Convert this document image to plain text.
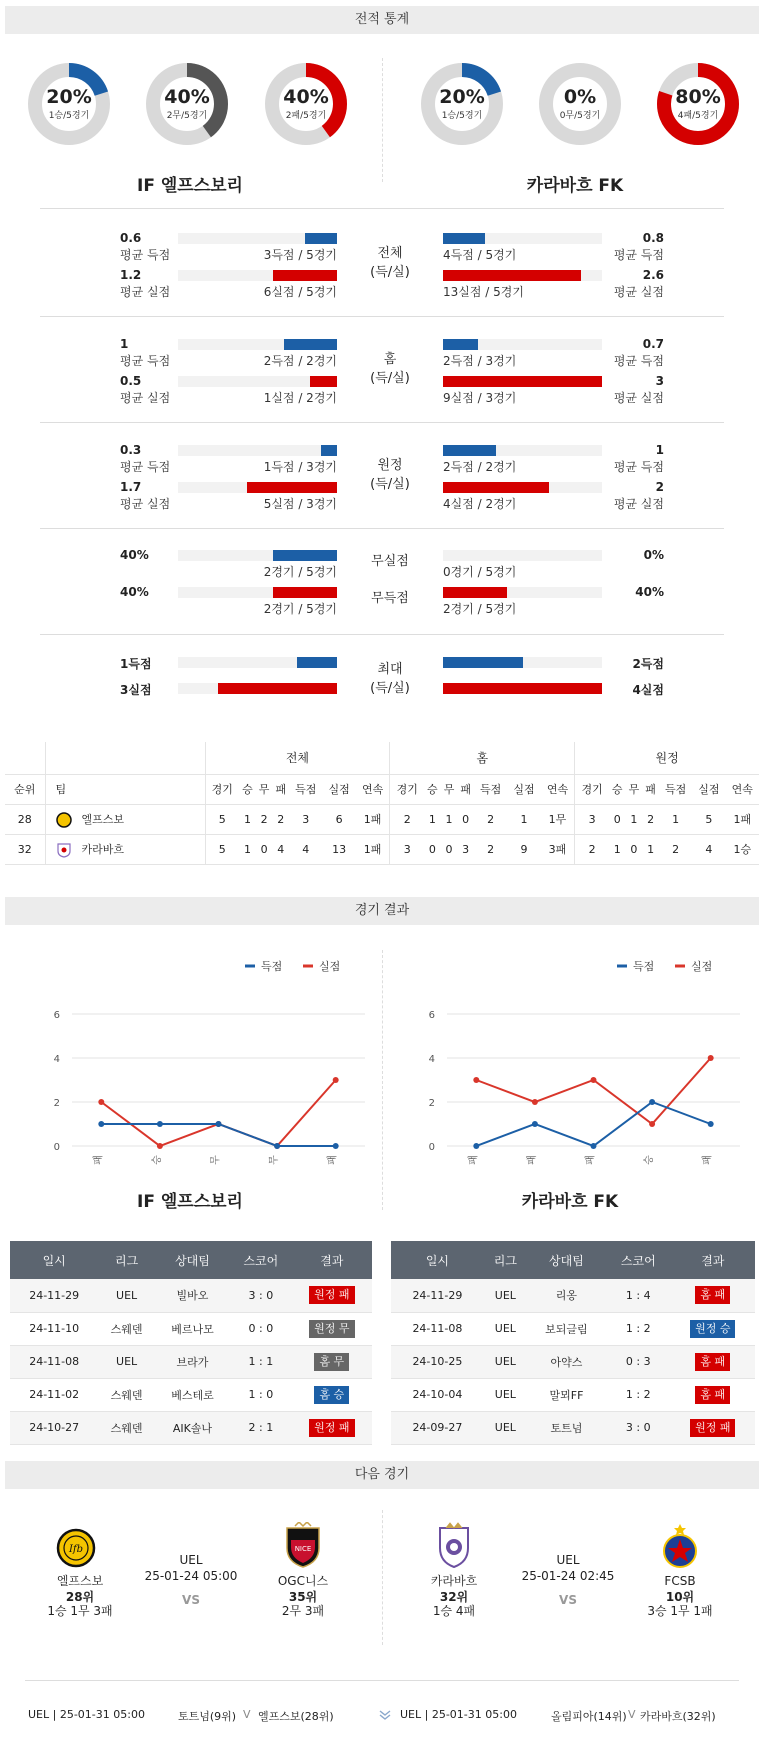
전적 통계
20%
1승/5경기
40%
2무/5경기
40%
2패/5경기
20%
1승/5경기
0%
0무/5경기
80%
4패/5경기
IF 엘프스보리	카라바흐 FK
0.6
평균 득점	3득점 / 5경기
0.8
평균 득점
4득점 / 5경기
1.2
평균 실점	6실점 / 5경기
2.6
평균 실점
13실점 / 5경기
전체
(득/실)
1
평균 득점	2득점 / 2경기
0.7
평균 득점
2득점 / 3경기
0.5
평균 실점	1실점 / 2경기
3
평균 실점
9실점 / 3경기
홈
(득/실)
0.3
평균 득점	1득점 / 3경기
1
평균 득점
2득점 / 2경기
1.7
평균 실점	5실점 / 3경기
2
평균 실점
4실점 / 2경기
원정
(득/실)
40%
2경기 / 5경기
무실점	0%
0경기 / 5경기
40%
2경기 / 5경기
무득점	40%
2경기 / 5경기
1득점
3실점
최대
(득/실)
2득점
4실점
		전체							홈							원정						
순위	팀	경기	승	무	패	득점	실점	연속	경기	승	무	패	득점	실점	연속	경기	승	무	패	득점	실점	연속
28	엘프스보	5	1	2	2	3	6	1패	2	1	1	0	2	1	1무	3	0	1	2	1	5	1패
32	카라바흐	5	1	0	4	4	13	1패	3	0	0	3	2	9	3패	2	1	0	1	2	4	1승
경기 결과
득점	실점
0
2
4
6
패	승	무	무	패
득점	실점
0
2
4
6
패	패	패	승	패
IF 엘프스보리	카라바흐 FK
일시	리그	상대팀	스코어	결과
24-11-29	UEL	빌바오	3 : 0	원정 패
24-11-10	스웨덴	베르나모	0 : 0	원정 무
24-11-08	UEL	브라가	1 : 1	홈 무
24-11-02	스웨덴	베스테로	1 : 0	홈 승
24-10-27	스웨덴	AIK솔나	2 : 1	원정 패
일시	리그	상대팀	스코어	결과
24-11-29	UEL	리옹	1 : 4	홈 패
24-11-08	UEL	보되글림	1 : 2	원정 승
24-10-25	UEL	아약스	0 : 3	홈 패
24-10-04	UEL	말뫼FF	1 : 2	홈 패
24-09-27	UEL	토트넘	3 : 0	원정 패
다음 경기
Ifb	NICE
엘프스보
28위
1승 1무 3패
OGC니스
35위
2무 3패
UEL
25-01-24 05:00
VS
카라바흐
32위
1승 4패
FCSB
10위
3승 1무 1패
UEL
25-01-24 02:45
VS
UEL | 25-01-31 05:00	토트넘(9위) V 엘프스보(28위)	UEL | 25-01-31 05:00	올림피아(14위) V 카라바흐(32위)
